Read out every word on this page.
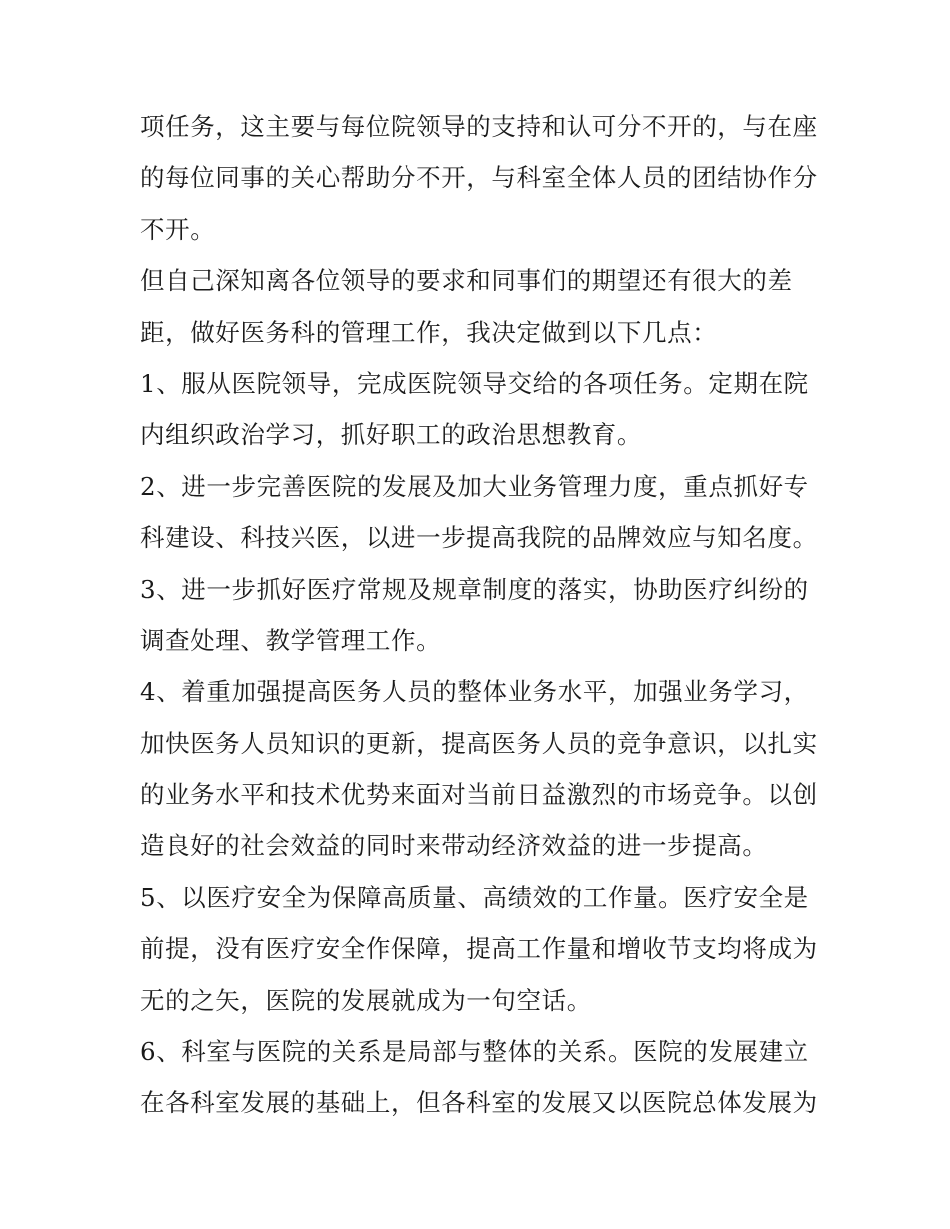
项任务，这主要与每位院领导的支持和认可分不开的，与在座
的每位同事的关心帮助分不开，与科室全体人员的团结协作分
不开。
但自己深知离各位领导的要求和同事们的期望还有很大的差
距，做好医务科的管理工作，我决定做到以下几点：
1、服从医院领导，完成医院领导交给的各项任务。定期在院
内组织政治学习，抓好职工的政治思想教育。
2、进一步完善医院的发展及加大业务管理力度，重点抓好专
科建设、科技兴医，以进一步提高我院的品牌效应与知名度。
3、进一步抓好医疗常规及规章制度的落实，协助医疗纠纷的
调查处理、教学管理工作。
4、着重加强提高医务人员的整体业务水平，加强业务学习，
加快医务人员知识的更新，提高医务人员的竞争意识，以扎实
的业务水平和技术优势来面对当前日益激烈的市场竞争。以创
造良好的社会效益的同时来带动经济效益的进一步提高。
5、以医疗安全为保障高质量、高绩效的工作量。医疗安全是
前提，没有医疗安全作保障，提高工作量和增收节支均将成为
无的之矢，医院的发展就成为一句空话。
6、科室与医院的关系是局部与整体的关系。医院的发展建立
在各科室发展的基础上，但各科室的发展又以医院总体发展为
